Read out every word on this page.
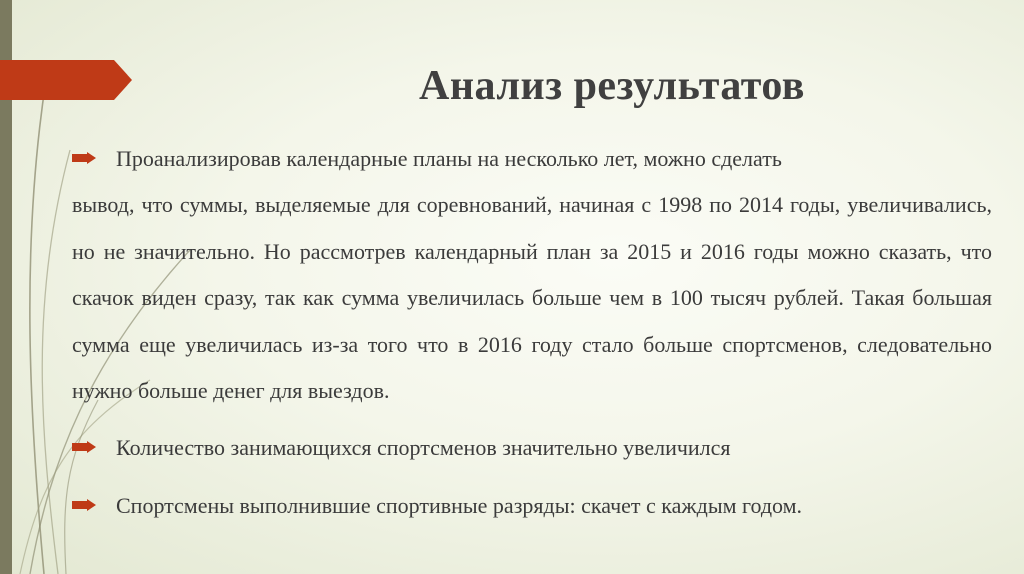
Анализ результатов
Проанализировав календарные планы на несколько лет, можно сделать
вывод, что суммы, выделяемые для соревнований, начиная с 1998 по 2014 годы, увеличивались, но не значительно. Но рассмотрев календарный план за 2015 и 2016 годы можно сказать, что скачок виден сразу, так как сумма увеличилась больше чем в 100 тысяч рублей. Такая большая сумма еще увеличилась из-за того что в 2016 году стало больше спортсменов, следовательно нужно больше денег для выездов.
Количество занимающихся спортсменов значительно увеличился
Спортсмены выполнившие спортивные разряды: скачет с каждым годом.
